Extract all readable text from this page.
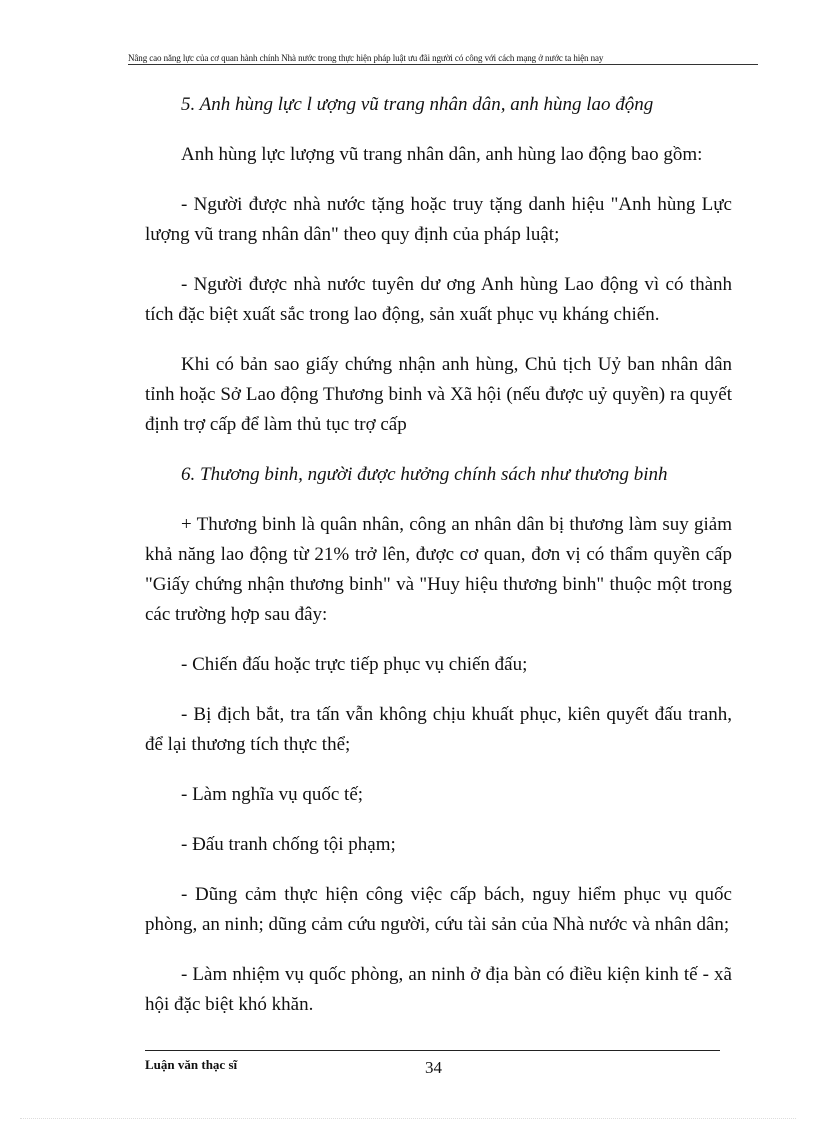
Nâng cao năng lực của cơ quan hành chính Nhà nước trong thực hiện pháp luật ưu đãi người có công với cách mạng ở nước ta hiện nay

5. Anh hùng lực l ượng vũ trang nhân dân, anh hùng lao động

Anh hùng lực lượng vũ trang nhân dân, anh hùng lao động bao gồm:

- Người được nhà nước tặng hoặc truy tặng danh hiệu "Anh hùng Lực lượng vũ trang nhân dân" theo quy định của pháp luật;

- Người được nhà nước tuyên dư ơng Anh hùng Lao động vì có thành tích đặc biệt xuất sắc trong lao động, sản xuất phục vụ kháng chiến.

Khi có bản sao giấy chứng nhận anh hùng, Chủ tịch Uỷ ban nhân dân tỉnh hoặc Sở Lao động Thương binh và Xã hội (nếu được uỷ quyền) ra quyết định trợ cấp để làm thủ tục trợ cấp

6. Thương binh, người được hưởng chính sách như thương binh

+ Thương binh là quân nhân, công an nhân dân bị thương làm suy giảm khả năng lao động từ 21% trở lên, được cơ quan, đơn vị có thẩm quyền cấp "Giấy chứng nhận thương binh" và "Huy hiệu thương binh" thuộc một trong các trường hợp sau đây:

- Chiến đấu hoặc trực tiếp phục vụ chiến đấu;

- Bị địch bắt, tra tấn vẫn không chịu khuất phục, kiên quyết đấu tranh, để lại thương tích thực thể;

- Làm nghĩa vụ quốc tế;

- Đấu tranh chống tội phạm;

- Dũng cảm thực hiện công việc cấp bách, nguy hiểm phục vụ quốc phòng, an ninh; dũng cảm cứu người, cứu tài sản của Nhà nước và nhân dân;

- Làm nhiệm vụ quốc phòng, an ninh ở địa bàn có điều kiện kinh tế - xã hội đặc biệt khó khăn.

Luận văn thạc sĩ	34
